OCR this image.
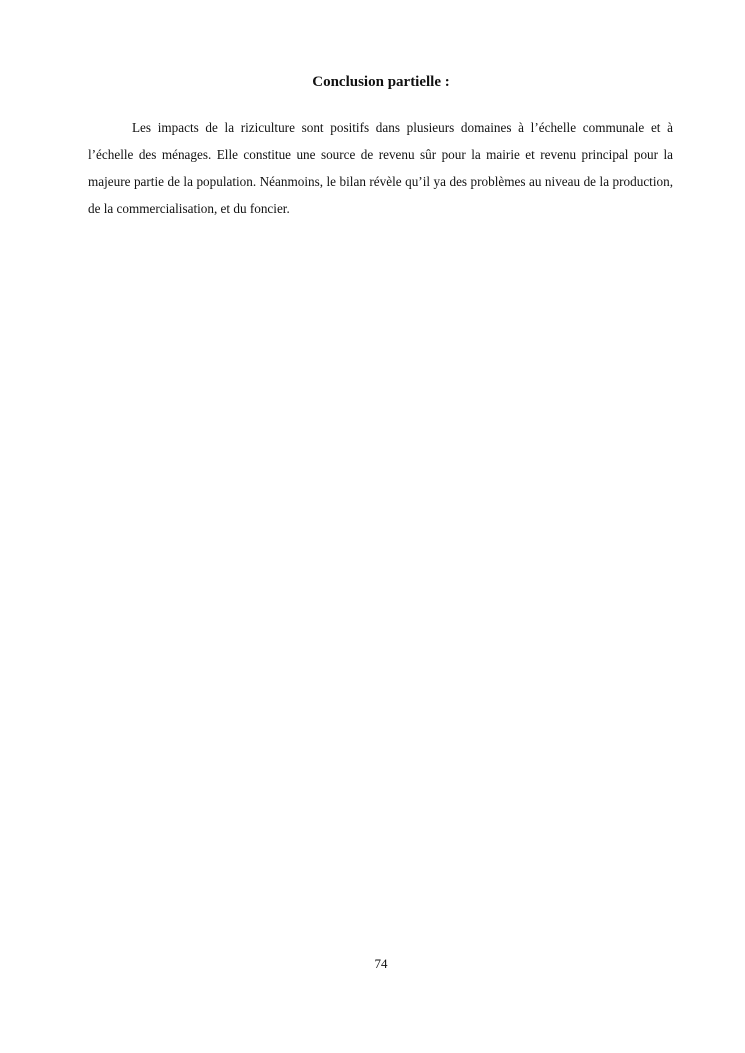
Conclusion partielle :

Les impacts de la riziculture sont positifs dans plusieurs domaines à l’échelle communale et à l’échelle des ménages. Elle constitue une source de revenu sûr pour la mairie et revenu principal pour la majeure partie de la population. Néanmoins, le bilan révèle qu’il ya des problèmes au niveau de la production, de la commercialisation, et du foncier.

74
